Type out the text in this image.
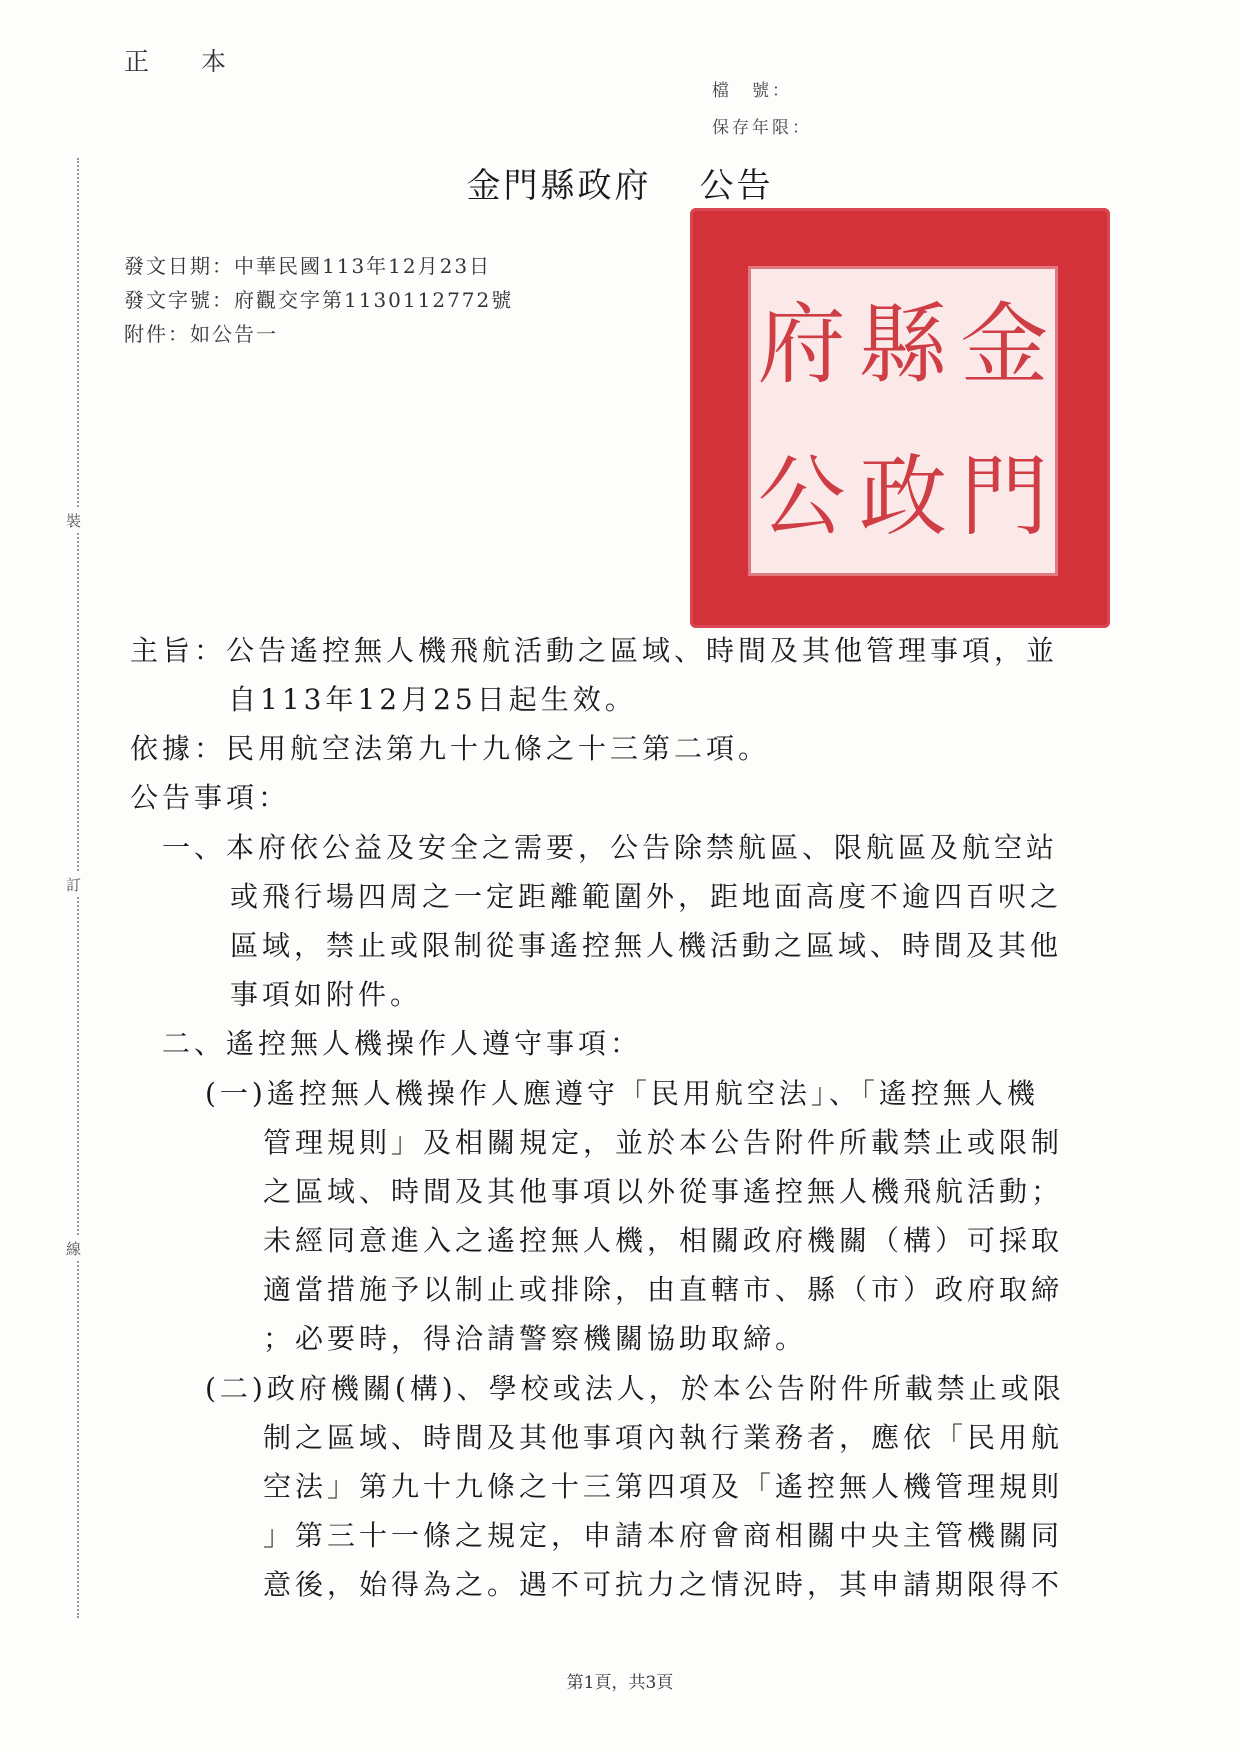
正 本
檔　號：
保存年限：
裝
訂
線
金門縣政府 公告
發文日期：中華民國113年12月23日
發文字號：府觀交字第1130112772號
附件：如公告一	金
門
縣
政
府
公
主旨：公告遙控無人機飛航活動之區域、時間及其他管理事項，並
自113年12月25日起生效。
依據：民用航空法第九十九條之十三第二項。
公告事項：
一、本府依公益及安全之需要，公告除禁航區、限航區及航空站
或飛行場四周之一定距離範圍外，距地面高度不逾四百呎之
區域，禁止或限制從事遙控無人機活動之區域、時間及其他
事項如附件。
二、遙控無人機操作人遵守事項：
(一)遙控無人機操作人應遵守「民用航空法」、「遙控無人機
管理規則」及相關規定，並於本公告附件所載禁止或限制
之區域、時間及其他事項以外從事遙控無人機飛航活動；
未經同意進入之遙控無人機，相關政府機關（構）可採取
適當措施予以制止或排除，由直轄市、縣（市）政府取締
；必要時，得洽請警察機關協助取締。
(二)政府機關(構)、學校或法人，於本公告附件所載禁止或限
制之區域、時間及其他事項內執行業務者，應依「民用航
空法」第九十九條之十三第四項及「遙控無人機管理規則
」第三十一條之規定，申請本府會商相關中央主管機關同
意後，始得為之。遇不可抗力之情況時，其申請期限得不
第1頁，共3頁
